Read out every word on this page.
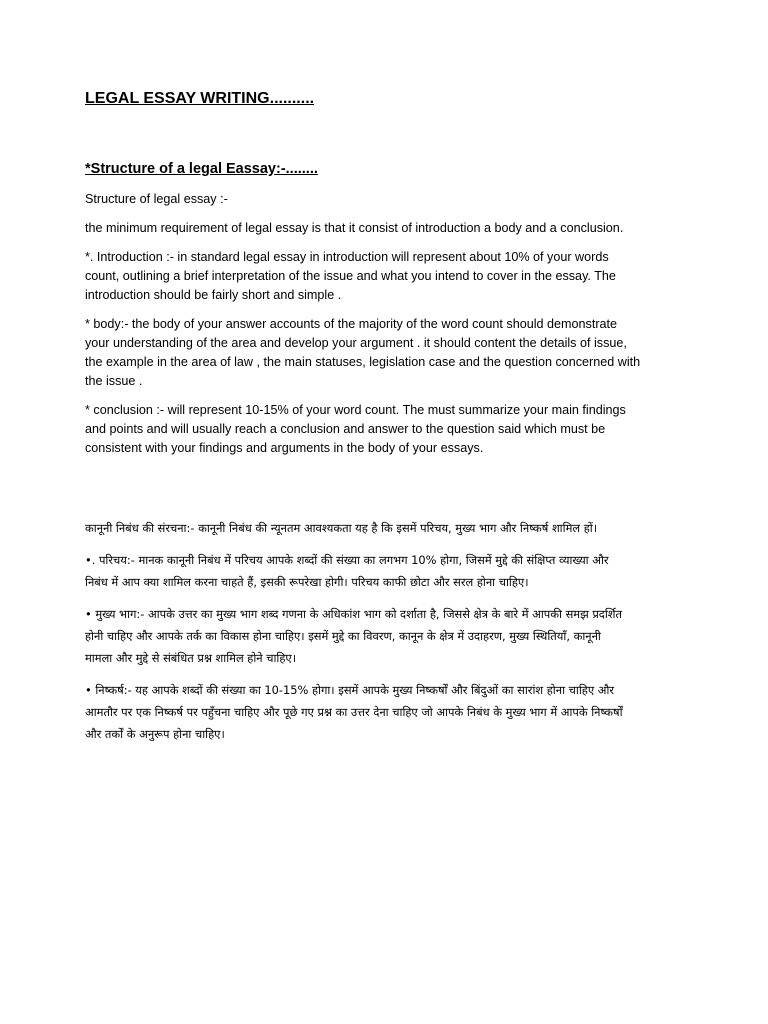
LEGAL ESSAY WRITING..........
*Structure of a legal Eassay:-........

Structure of legal essay :-

the minimum requirement of legal essay is that it consist of introduction a body and a conclusion.

*. Introduction :- in standard legal essay in introduction will represent about 10% of your words count, outlining a brief interpretation of the issue and what you intend to cover in the essay. The introduction should be fairly short and simple .

* body:- the body of your answer accounts of the majority of the word count should demonstrate your understanding of the area and develop your argument . it should content the details of issue, the example in the area of law , the main statuses, legislation case and the question concerned with the issue .

* conclusion :- will represent 10-15% of your word count. The must summarize your main findings and points and will usually reach a conclusion and answer to the question said which must be consistent with your findings and arguments in the body of your essays.

कानूनी निबंध की संरचना:- कानूनी निबंध की न्यूनतम आवश्यकता यह है कि इसमें परिचय, मुख्य भाग और निष्कर्ष शामिल हों।

•. परिचय:- मानक कानूनी निबंध में परिचय आपके शब्दों की संख्या का लगभग 10% होगा, जिसमें मुद्दे की संक्षिप्त व्याख्या और निबंध में आप क्या शामिल करना चाहते हैं, इसकी रूपरेखा होगी। परिचय काफी छोटा और सरल होना चाहिए।

• मुख्य भाग:- आपके उत्तर का मुख्य भाग शब्द गणना के अधिकांश भाग को दर्शाता है, जिससे क्षेत्र के बारे में आपकी समझ प्रदर्शित होनी चाहिए और आपके तर्क का विकास होना चाहिए। इसमें मुद्दे का विवरण, कानून के क्षेत्र में उदाहरण, मुख्य स्थितियाँ, कानूनी मामला और मुद्दे से संबंधित प्रश्न शामिल होने चाहिए।

• निष्कर्ष:- यह आपके शब्दों की संख्या का 10-15% होगा। इसमें आपके मुख्य निष्कर्षों और बिंदुओं का सारांश होना चाहिए और आमतौर पर एक निष्कर्ष पर पहुँचना चाहिए और पूछे गए प्रश्न का उत्तर देना चाहिए जो आपके निबंध के मुख्य भाग में आपके निष्कर्षों और तर्कों के अनुरूप होना चाहिए।
